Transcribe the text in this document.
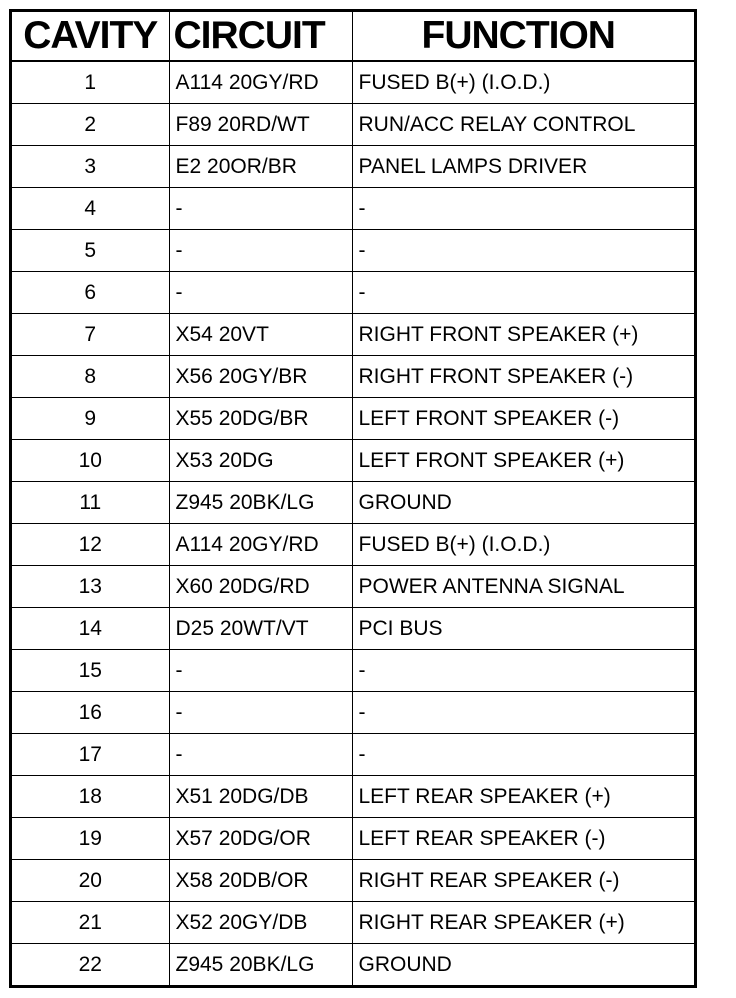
CAVITY	CIRCUIT	FUNCTION
1	A114 20GY/RD	FUSED B(+) (I.O.D.)
2	F89 20RD/WT	RUN/ACC RELAY CONTROL
3	E2 20OR/BR	PANEL LAMPS DRIVER
4	-	-
5	-	-
6	-	-
7	X54 20VT	RIGHT FRONT SPEAKER (+)
8	X56 20GY/BR	RIGHT FRONT SPEAKER (-)
9	X55 20DG/BR	LEFT FRONT SPEAKER (-)
10	X53 20DG	LEFT FRONT SPEAKER (+)
11	Z945 20BK/LG	GROUND
12	A114 20GY/RD	FUSED B(+) (I.O.D.)
13	X60 20DG/RD	POWER ANTENNA SIGNAL
14	D25 20WT/VT	PCI BUS
15	-	-
16	-	-
17	-	-
18	X51 20DG/DB	LEFT REAR SPEAKER (+)
19	X57 20DG/OR	LEFT REAR SPEAKER (-)
20	X58 20DB/OR	RIGHT REAR SPEAKER (-)
21	X52 20GY/DB	RIGHT REAR SPEAKER (+)
22	Z945 20BK/LG	GROUND
